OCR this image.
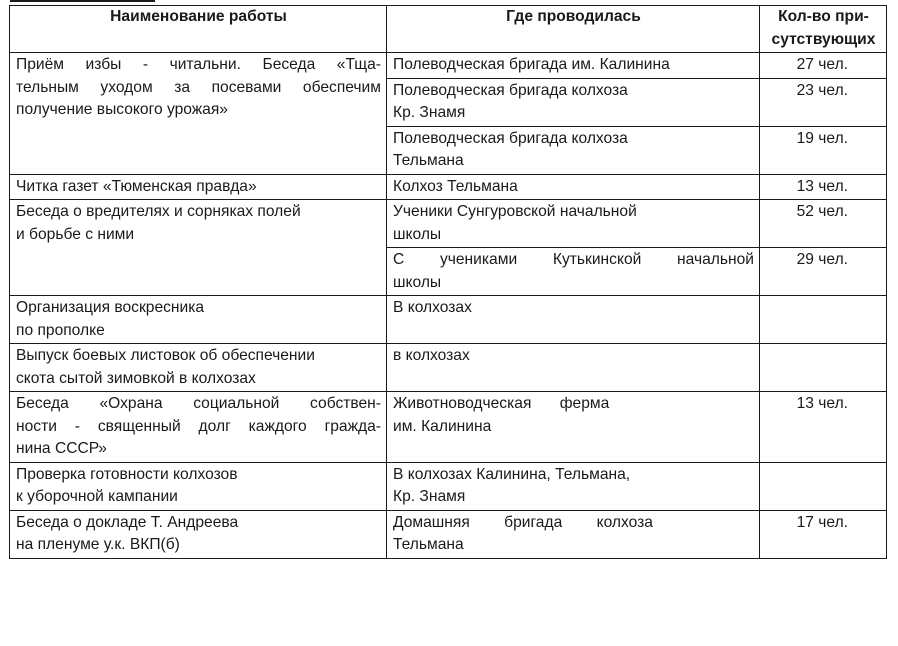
Наименование работы	Где проводилась	Кол-во при-
сутствующих

Приём избы - читальни. Беседа «Тща-
тельным уходом за посевами обеспечим
получение высокого урожая»	Полеводческая бригада им. Калинина	27 чел.

	Полеводческая бригада колхоза
Кр. Знамя	23 чел.

	Полеводческая бригада колхоза
Тельмана	19 чел.

Читка газет «Тюменская правда»	Колхоз Тельмана	13 чел.

Беседа о вредителях и сорняках полей
и борьбе с ними	Ученики Сунгуровской начальной
школы	52 чел.

	С учениками Кутькинской начальной
школы	29 чел.

Организация воскресника
по прополке	В колхозах	

Выпуск боевых листовок об обеспечении
скота сытой зимовкой в колхозах	в колхозах	

Беседа «Охрана социальной собствен-
ности - священный долг каждого гражда-
нина СССР»	Животноводческая ферма
им. Калинина	13 чел.

Проверка готовности колхозов
к уборочной кампании	В колхозах Калинина, Тельмана,
Кр. Знамя	

Беседа о докладе Т. Андреева
на пленуме у.к. ВКП(б)	Домашняя бригада колхоза
Тельмана	17 чел.
